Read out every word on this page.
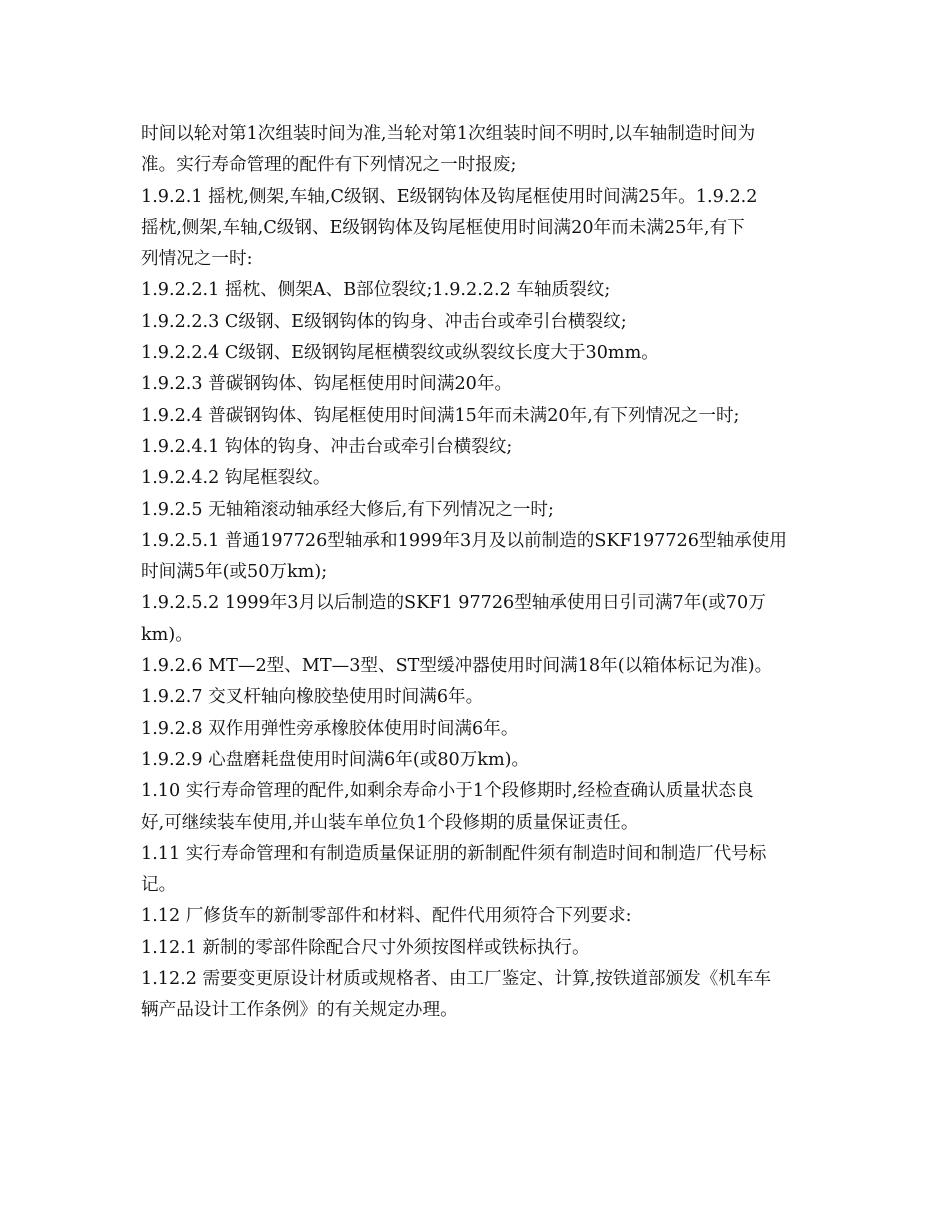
时间以轮对第1次组装时间为准,当轮对第1次组装时间不明时,以车轴制造时间为
准。实行寿命管理的配件有下列情况之一时报废;
1.9.2.1 摇枕,侧架,车轴,C级钢、E级钢钩体及钩尾框使用时间满25年。1.9.2.2
摇枕,侧架,车轴,C级钢、E级钢钩体及钩尾框使用时间满20年而未满25年,有下
列情况之一时:
1.9.2.2.1 摇枕、侧架A、B部位裂纹;1.9.2.2.2 车轴质裂纹;
1.9.2.2.3 C级钢、E级钢钩体的钩身、冲击台或牵引台横裂纹;
1.9.2.2.4 C级钢、E级钢钩尾框横裂纹或纵裂纹长度大于30mm。
1.9.2.3 普碳钢钩体、钩尾框使用时间满20年。
1.9.2.4 普碳钢钩体、钩尾框使用时间满15年而未满20年,有下列情况之一时;
1.9.2.4.1 钩体的钩身、冲击台或牵引台横裂纹;
1.9.2.4.2 钩尾框裂纹。
1.9.2.5 无轴箱滚动轴承经大修后,有下列情况之一时;
1.9.2.5.1 普通197726型轴承和1999年3月及以前制造的SKF197726型轴承使用
时间满5年(或50万km);
1.9.2.5.2 1999年3月以后制造的SKF1 97726型轴承使用日引司满7年(或70万
km)。
1.9.2.6 MT—2型、MT—3型、ST型缓冲器使用时间满18年(以箱体标记为准)。
1.9.2.7 交叉杆轴向橡胶垫使用时间满6年。
1.9.2.8 双作用弹性旁承橡胶体使用时间满6年。
1.9.2.9 心盘磨耗盘使用时间满6年(或80万km)。
1.10 实行寿命管理的配件,如剩余寿命小于1个段修期时,经检查确认质量状态良
好,可继续装车使用,并山装车单位负1个段修期的质量保证责任。
1.11 实行寿命管理和有制造质量保证朋的新制配件须有制造时间和制造厂代号标
记。
1.12 厂修货车的新制零部件和材料、配件代用须符合下列要求:
1.12.1 新制的零部件除配合尺寸外须按图样或铁标执行。
1.12.2 需要变更原设计材质或规格者、由工厂鉴定、计算,按铁道部颁发《机车车
辆产品设计工作条例》的有关规定办理。
